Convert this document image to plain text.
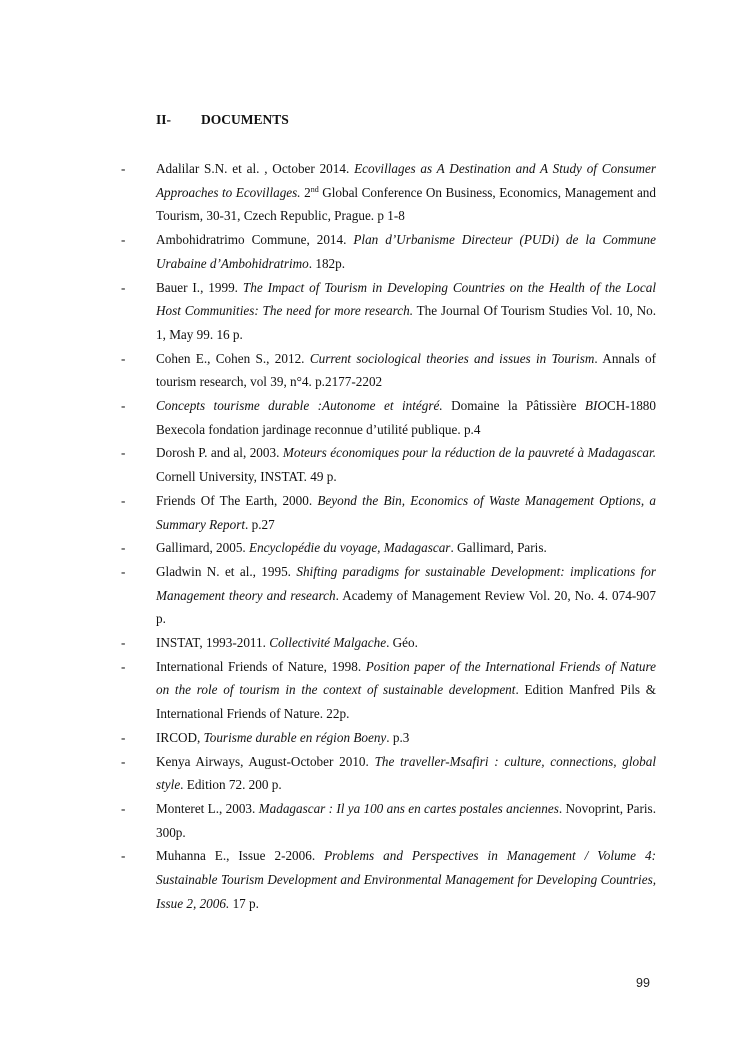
II- DOCUMENTS
- Adalilar S.N. et al. , October 2014. Ecovillages as A Destination and A Study of Consumer Approaches to Ecovillages. 2nd Global Conference On Business, Economics, Management and Tourism, 30-31, Czech Republic, Prague. p 1-8
- Ambohidratrimo Commune, 2014. Plan d’Urbanisme Directeur (PUDi) de la Commune Urabaine d’Ambohidratrimo. 182p.
- Bauer I., 1999. The Impact of Tourism in Developing Countries on the Health of the Local Host Communities: The need for more research. The Journal Of Tourism Studies Vol. 10, No. 1, May 99. 16 p.
- Cohen E., Cohen S., 2012. Current sociological theories and issues in Tourism. Annals of tourism research, vol 39, n°4. p.2177-2202
- Concepts tourisme durable :Autonome et intégré. Domaine la Pâtissière BIOCH-1880 Bexecola fondation jardinage reconnue d’utilité publique. p.4
- Dorosh P. and al, 2003. Moteurs économiques pour la réduction de la pauvreté à Madagascar. Cornell University, INSTAT. 49 p.
- Friends Of The Earth, 2000. Beyond the Bin, Economics of Waste Management Options, a Summary Report. p.27
- Gallimard, 2005. Encyclopédie du voyage, Madagascar. Gallimard, Paris.
- Gladwin N. et al., 1995. Shifting paradigms for sustainable Development: implications for Management theory and research. Academy of Management Review Vol. 20, No. 4. 074-907 p.
- INSTAT, 1993-2011. Collectivité Malgache. Géo.
- International Friends of Nature, 1998. Position paper of the International Friends of Nature on the role of tourism in the context of sustainable development. Edition Manfred Pils & International Friends of Nature. 22p.
- IRCOD, Tourisme durable en région Boeny. p.3
- Kenya Airways, August-October 2010. The traveller-Msafiri : culture, connections, global style. Edition 72. 200 p.
- Monteret L., 2003. Madagascar : Il ya 100 ans en cartes postales anciennes. Novoprint, Paris. 300p.
- Muhanna E., Issue 2-2006. Problems and Perspectives in Management / Volume 4: Sustainable Tourism Development and Environmental Management for Developing Countries, Issue 2, 2006. 17 p.
99
